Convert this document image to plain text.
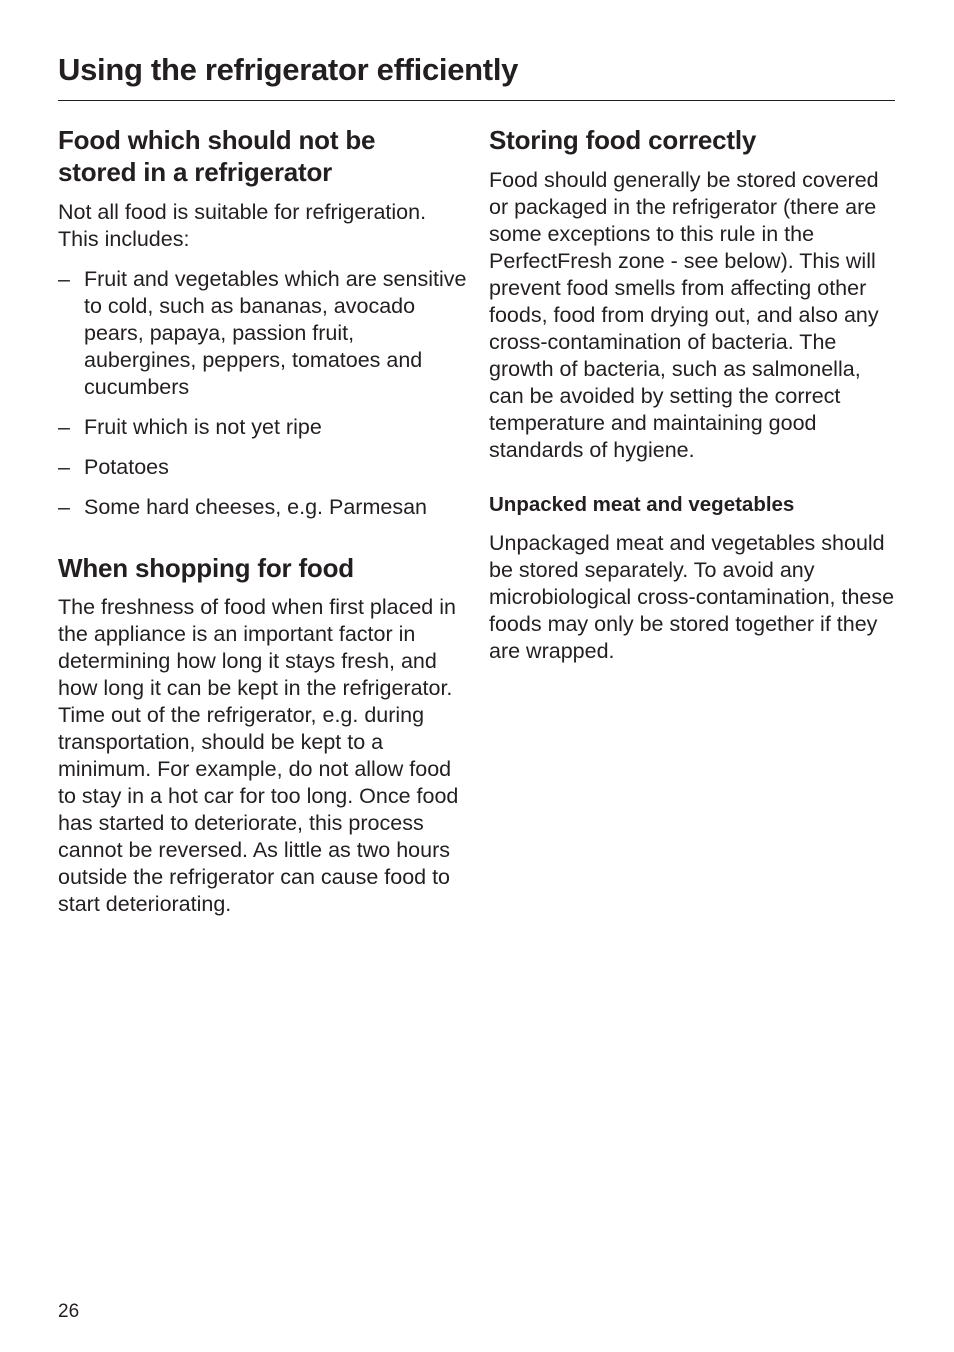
Using the refrigerator efficiently
Food which should not be stored in a refrigerator

Not all food is suitable for refrigeration. This includes:

– Fruit and vegetables which are sensitive to cold, such as bananas, avocado pears, papaya, passion fruit, aubergines, peppers, tomatoes and cucumbers
– Fruit which is not yet ripe
– Potatoes
– Some hard cheeses, e.g. Parmesan
When shopping for food

The freshness of food when first placed in the appliance is an important factor in determining how long it stays fresh, and how long it can be kept in the refrigerator. Time out of the refrigerator, e.g. during transportation, should be kept to a minimum. For example, do not allow food to stay in a hot car for too long. Once food has started to deteriorate, this process cannot be reversed. As little as two hours outside the refrigerator can cause food to start deteriorating.

Storing food correctly

Food should generally be stored covered or packaged in the refrigerator (there are some exceptions to this rule in the PerfectFresh zone - see below). This will prevent food smells from affecting other foods, food from drying out, and also any cross-contamination of bacteria. The growth of bacteria, such as salmonella, can be avoided by setting the correct temperature and maintaining good standards of hygiene.

Unpacked meat and vegetables

Unpackaged meat and vegetables should be stored separately. To avoid any microbiological cross-contamination, these foods may only be stored together if they are wrapped.

26
